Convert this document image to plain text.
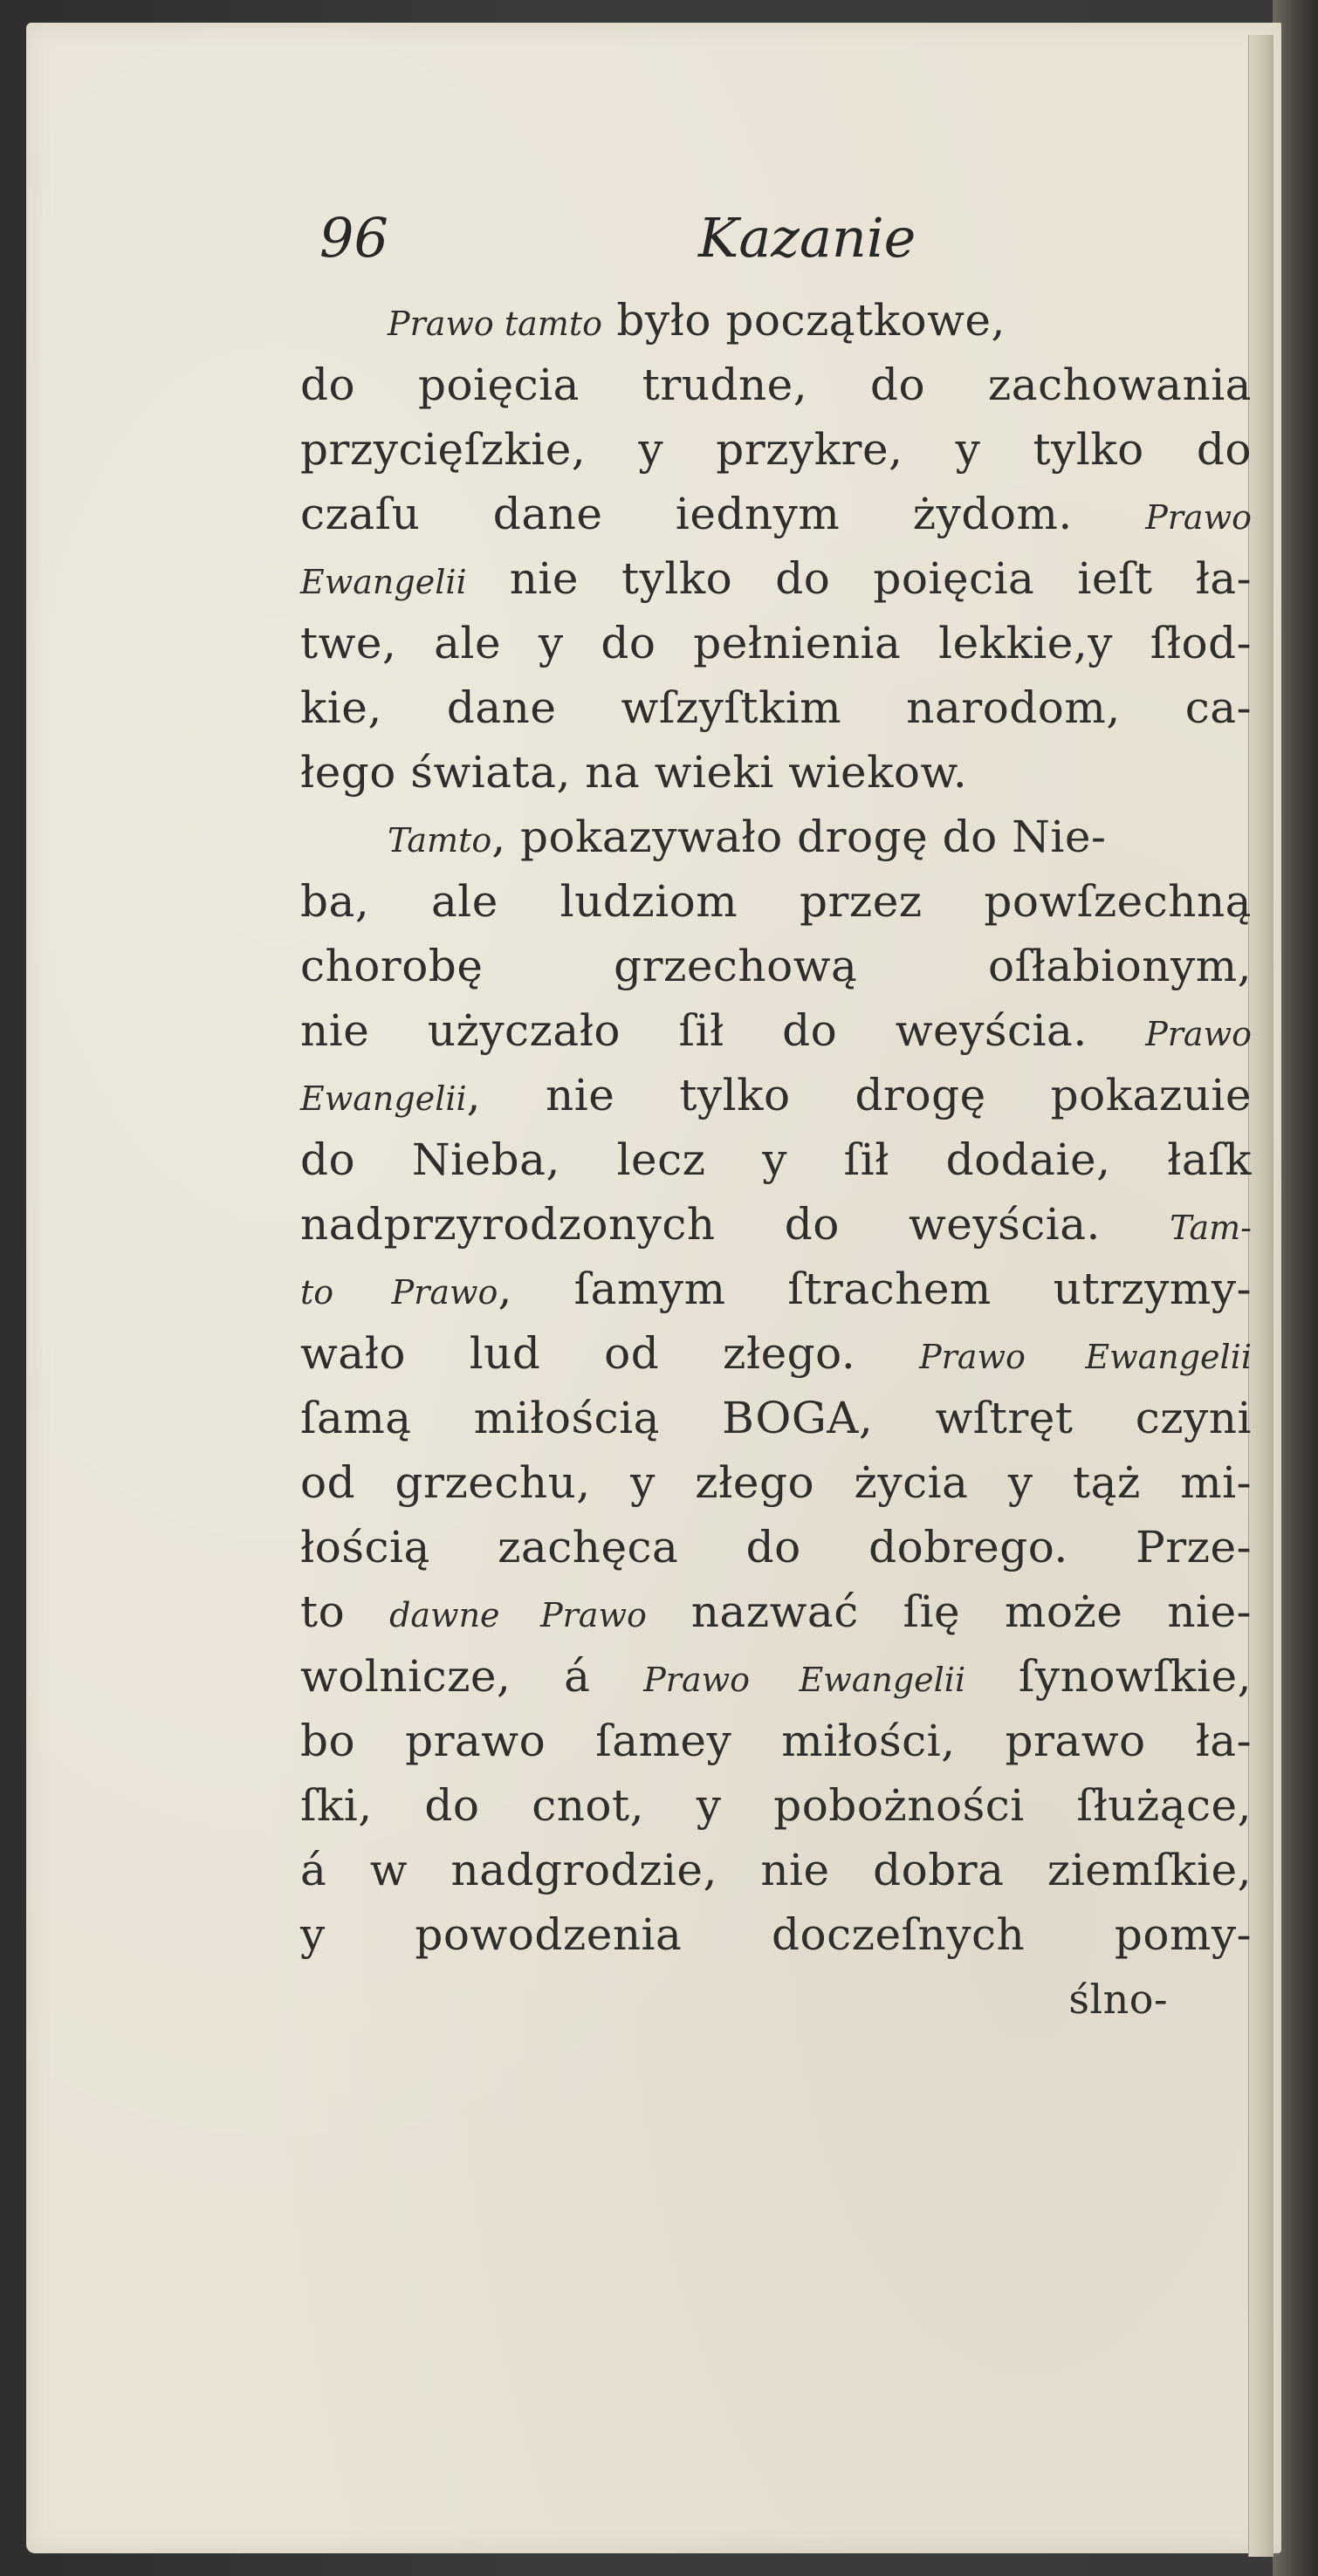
96	Kazanie
Prawo tamto było początkowe,
do poięcia trudne, do zachowania
przycięſzkie, y przykre, y tylko do
czaſu dane iednym żydom. Prawo
Ewangelii nie tylko do poięcia ieſt ła-
twe, ale y do pełnienia lekkie,y ſłod-
kie, dane wſzyſtkim narodom, ca-
łego świata, na wieki wiekow.
Tamto, pokazywało drogę do Nie-
ba, ale ludziom przez powſzechną
chorobę grzechową oſłabionym,
nie użyczało ſił do weyścia. Prawo
Ewangelii, nie tylko drogę pokazuie
do Nieba, lecz y ſił dodaie, łaſk
nadprzyrodzonych do weyścia. Tam-
to Prawo, ſamym ſtrachem utrzymy-
wało lud od złego. Prawo Ewangelii
ſamą miłością BOGA, wſtręt czyni
od grzechu, y złego życia y tąż mi-
łością zachęca do dobrego. Prze-
to dawne Prawo nazwać ſię może nie-
wolnicze, á Prawo Ewangelii ſynowſkie,
bo prawo ſamey miłości, prawo ła-
ſki, do cnot, y pobożności ſłużące,
á w nadgrodzie, nie dobra ziemſkie,
y powodzenia doczeſnych pomy-
ślno-
